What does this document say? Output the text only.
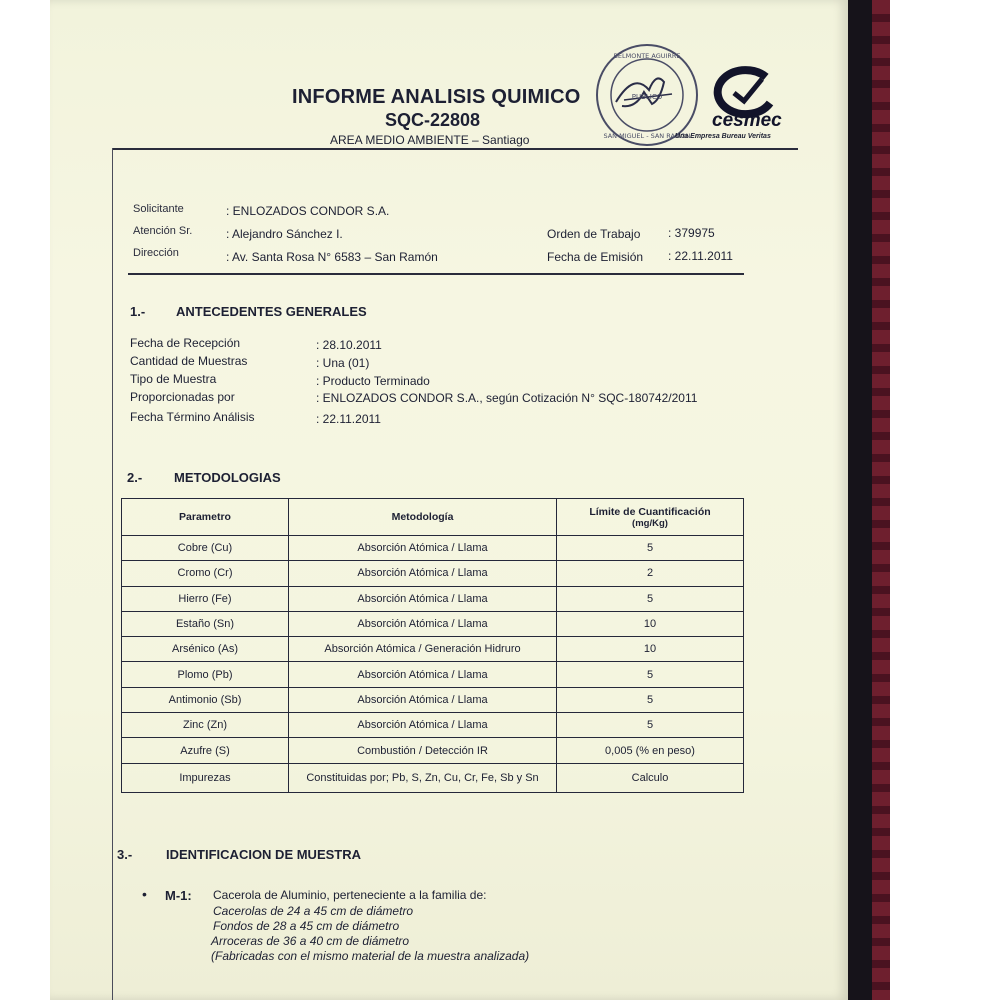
INFORME ANALISIS QUIMICO
SQC-22808
AREA MEDIO AMBIENTE – Santiago
PUBLICO
BELMONTE AGUIRRE
SAN MIGUEL - SAN RAMON
cesmec
Una Empresa Bureau Veritas
Solicitante	: ENLOZADOS CONDOR S.A.
Atención Sr.	: Alejandro Sánchez I.
Dirección	: Av. Santa Rosa N° 6583 – San Ramón
Orden de Trabajo : 379975
Fecha de Emisión : 22.11.2011
1.- ANTECEDENTES GENERALES
Fecha de Recepción	: 28.10.2011
Cantidad de Muestras	: Una (01)
Tipo de Muestra	: Producto Terminado
Proporcionadas por	: ENLOZADOS CONDOR S.A., según Cotización N° SQC-180742/2011
Fecha Término Análisis	: 22.11.2011
2.- METODOLOGIAS
Parametro	Metodología	Límite de Cuantificación
(mg/Kg)

Cobre (Cu)	Absorción Atómica / Llama	5
Cromo (Cr)	Absorción Atómica / Llama	2
Hierro (Fe)	Absorción Atómica / Llama	5
Estaño (Sn)	Absorción Atómica / Llama	10
Arsénico (As)	Absorción Atómica / Generación Hidruro	10
Plomo (Pb)	Absorción Atómica / Llama	5
Antimonio (Sb)	Absorción Atómica / Llama	5
Zinc (Zn)	Absorción Atómica / Llama	5
Azufre (S)	Combustión / Detección IR	0,005 (% en peso)
Impurezas	Constituidas por; Pb, S, Zn, Cu, Cr, Fe, Sb y Sn	Calculo
3.-	IDENTIFICACION DE MUESTRA
• M-1: Cacerola de Aluminio, perteneciente a la familia de:
Cacerolas de 24 a 45 cm de diámetro
Fondos de 28 a 45 cm de diámetro
Arroceras de 36 a 40 cm de diámetro
(Fabricadas con el mismo material de la muestra analizada)
